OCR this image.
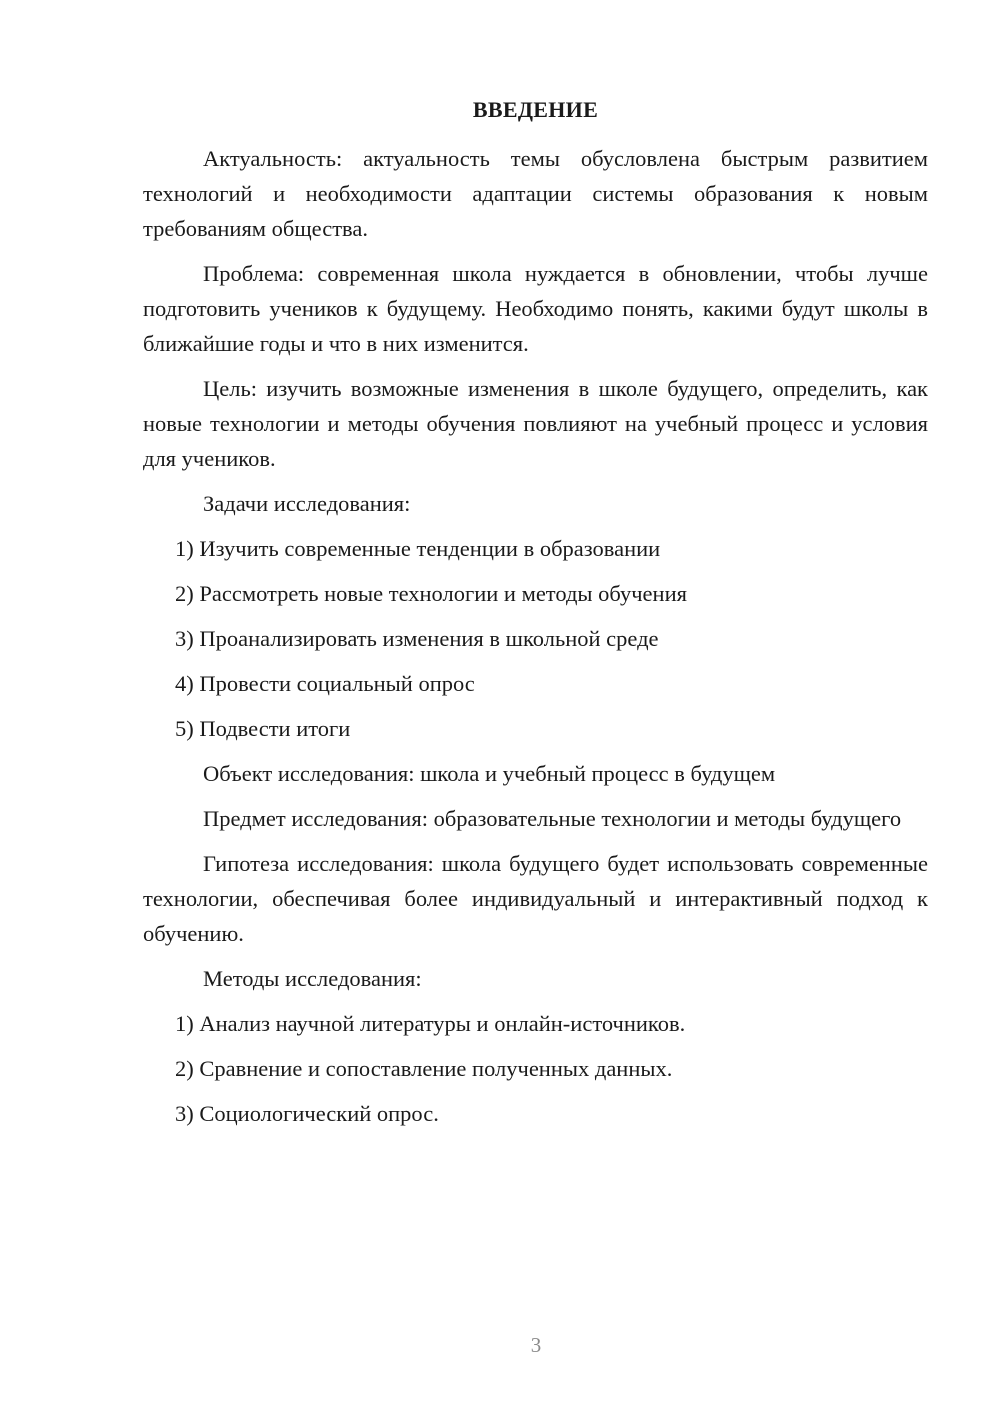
ВВЕДЕНИЕ

Актуальность: актуальность темы обусловлена быстрым развитием технологий и необходимости адаптации системы образования к новым требованиям общества.

Проблема: современная школа нуждается в обновлении, чтобы лучше подготовить учеников к будущему. Необходимо понять, какими будут школы в ближайшие годы и что в них изменится.

Цель: изучить возможные изменения в школе будущего, определить, как новые технологии и методы обучения повлияют на учебный процесс и условия для учеников.

Задачи исследования:

1) Изучить современные тенденции в образовании
2) Рассмотреть новые технологии и методы обучения
3) Проанализировать изменения в школьной среде
4) Провести социальный опрос
5) Подвести итоги

Объект исследования: школа и учебный процесс в будущем

Предмет исследования: образовательные технологии и методы будущего

Гипотеза исследования: школа будущего будет использовать современные технологии, обеспечивая более индивидуальный и интерактивный подход к обучению.

Методы исследования:

1) Анализ научной литературы и онлайн-источников.
2) Сравнение и сопоставление полученных данных.
3) Социологический опрос.
3
